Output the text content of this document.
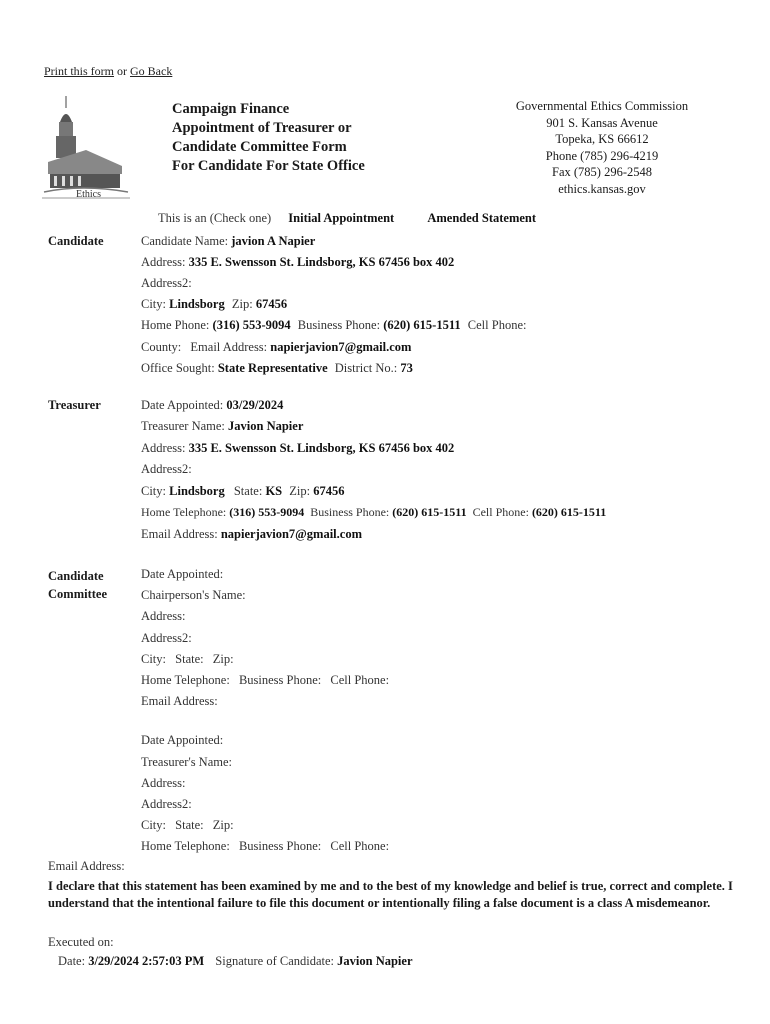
Print this form or Go Back
Ethics
Campaign Finance
Appointment of Treasurer or
Candidate Committee Form
For Candidate For State Office
Governmental Ethics Commission
901 S. Kansas Avenue
Topeka, KS 66612
Phone (785) 296-4219
Fax (785) 296-2548
ethics.kansas.gov
This is an (Check one) Initial Appointment	Amended Statement
Candidate	Candidate Name: javion A Napier
Address: 335 E. Swensson St. Lindsborg, KS 67456 box 402
Address2:
City: Lindsborg Zip: 67456
Home Phone: (316) 553-9094 Business Phone: (620) 615-1511 Cell Phone:
County: Email Address: napierjavion7@gmail.com
Office Sought: State Representative District No.: 73
Treasurer	Date Appointed: 03/29/2024
Treasurer Name: Javion Napier
Address: 335 E. Swensson St. Lindsborg, KS 67456 box 402
Address2:
City: Lindsborg State: KS Zip: 67456
Home Telephone: (316) 553-9094 Business Phone: (620) 615-1511 Cell Phone: (620) 615-1511
Email Address: napierjavion7@gmail.com
Candidate
Committee
Date Appointed:
Chairperson's Name:
Address:
Address2:
City: State: Zip:
Home Telephone: Business Phone: Cell Phone:
Email Address:
Date Appointed:
Treasurer's Name:
Address:
Address2:
City: State: Zip:
Home Telephone: Business Phone: Cell Phone:
Email Address:
I declare that this statement has been examined by me and to the best of my knowledge and belief is true, correct and complete. I understand that the intentional failure to file this document or intentionally filing a false document is a class A misdemeanor.
Executed on:
Date: 3/29/2024 2:57:03 PM Signature of Candidate: Javion Napier
